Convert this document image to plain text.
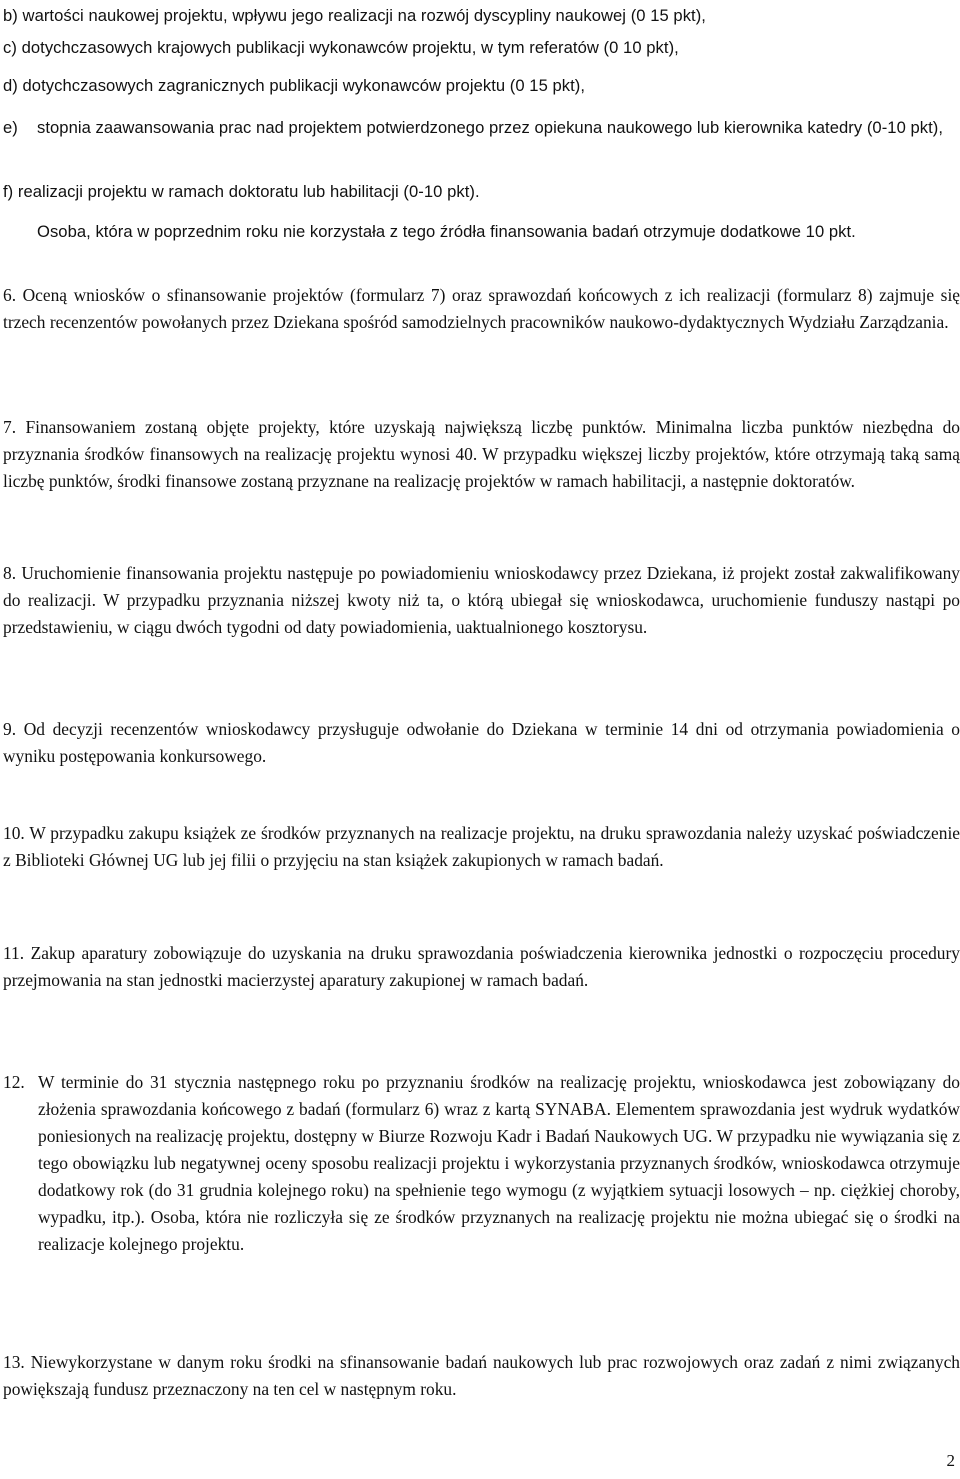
b) wartości naukowej projektu, wpływu jego realizacji na rozwój dyscypliny naukowej (0 15 pkt),
c) dotychczasowych krajowych publikacji wykonawców projektu, w tym referatów (0 10 pkt),
d) dotychczasowych zagranicznych publikacji wykonawców projektu (0 15 pkt),
e) stopnia zaawansowania prac nad projektem potwierdzonego przez opiekuna naukowego lub kierownika katedry (0-10 pkt),
f) realizacji projektu w ramach doktoratu lub habilitacji (0-10 pkt).
Osoba, która w poprzednim roku nie korzystała z tego źródła finansowania badań otrzymuje dodatkowe 10 pkt.
6. Oceną wniosków o sfinansowanie projektów (formularz 7) oraz sprawozdań końcowych z ich realizacji (formularz 8) zajmuje się trzech recenzentów powołanych przez Dziekana spośród samodzielnych pracowników naukowo-dydaktycznych Wydziału Zarządzania.
7. Finansowaniem zostaną objęte projekty, które uzyskają największą liczbę punktów. Minimalna liczba punktów niezbędna do przyznania środków finansowych na realizację projektu wynosi 40. W przypadku większej liczby projektów, które otrzymają taką samą liczbę punktów, środki finansowe zostaną przyznane na realizację projektów w ramach habilitacji, a następnie doktoratów.
8. Uruchomienie finansowania projektu następuje po powiadomieniu wnioskodawcy przez Dziekana, iż projekt został zakwalifikowany do realizacji. W przypadku przyznania niższej kwoty niż ta, o którą ubiegał się wnioskodawca, uruchomienie funduszy nastąpi po przedstawieniu, w ciągu dwóch tygodni od daty powiadomienia, uaktualnionego kosztorysu.
9. Od decyzji recenzentów wnioskodawcy przysługuje odwołanie do Dziekana w terminie 14 dni od otrzymania powiadomienia o wyniku postępowania konkursowego.
10. W przypadku zakupu książek ze środków przyznanych na realizacje projektu, na druku sprawozdania należy uzyskać poświadczenie z Biblioteki Głównej UG lub jej filii o przyjęciu na stan książek zakupionych w ramach badań.
11. Zakup aparatury zobowiązuje do uzyskania na druku sprawozdania poświadczenia kierownika jednostki o rozpoczęciu procedury przejmowania na stan jednostki macierzystej aparatury zakupionej w ramach badań.
12. W terminie do 31 stycznia następnego roku po przyznaniu środków na realizację projektu, wnioskodawca jest zobowiązany do złożenia sprawozdania końcowego z badań (formularz 6) wraz z kartą SYNABA. Elementem sprawozdania jest wydruk wydatków poniesionych na realizację projektu, dostępny w Biurze Rozwoju Kadr i Badań Naukowych UG. W przypadku nie wywiązania się z tego obowiązku lub negatywnej oceny sposobu realizacji projektu i wykorzystania przyznanych środków, wnioskodawca otrzymuje dodatkowy rok (do 31 grudnia kolejnego roku) na spełnienie tego wymogu (z wyjątkiem sytuacji losowych – np. ciężkiej choroby, wypadku, itp.). Osoba, która nie rozliczyła się ze środków przyznanych na realizację projektu nie można ubiegać się o środki na realizacje kolejnego projektu.
13. Niewykorzystane w danym roku środki na sfinansowanie badań naukowych lub prac rozwojowych oraz zadań z nimi związanych powiększają fundusz przeznaczony na ten cel w następnym roku.
2
